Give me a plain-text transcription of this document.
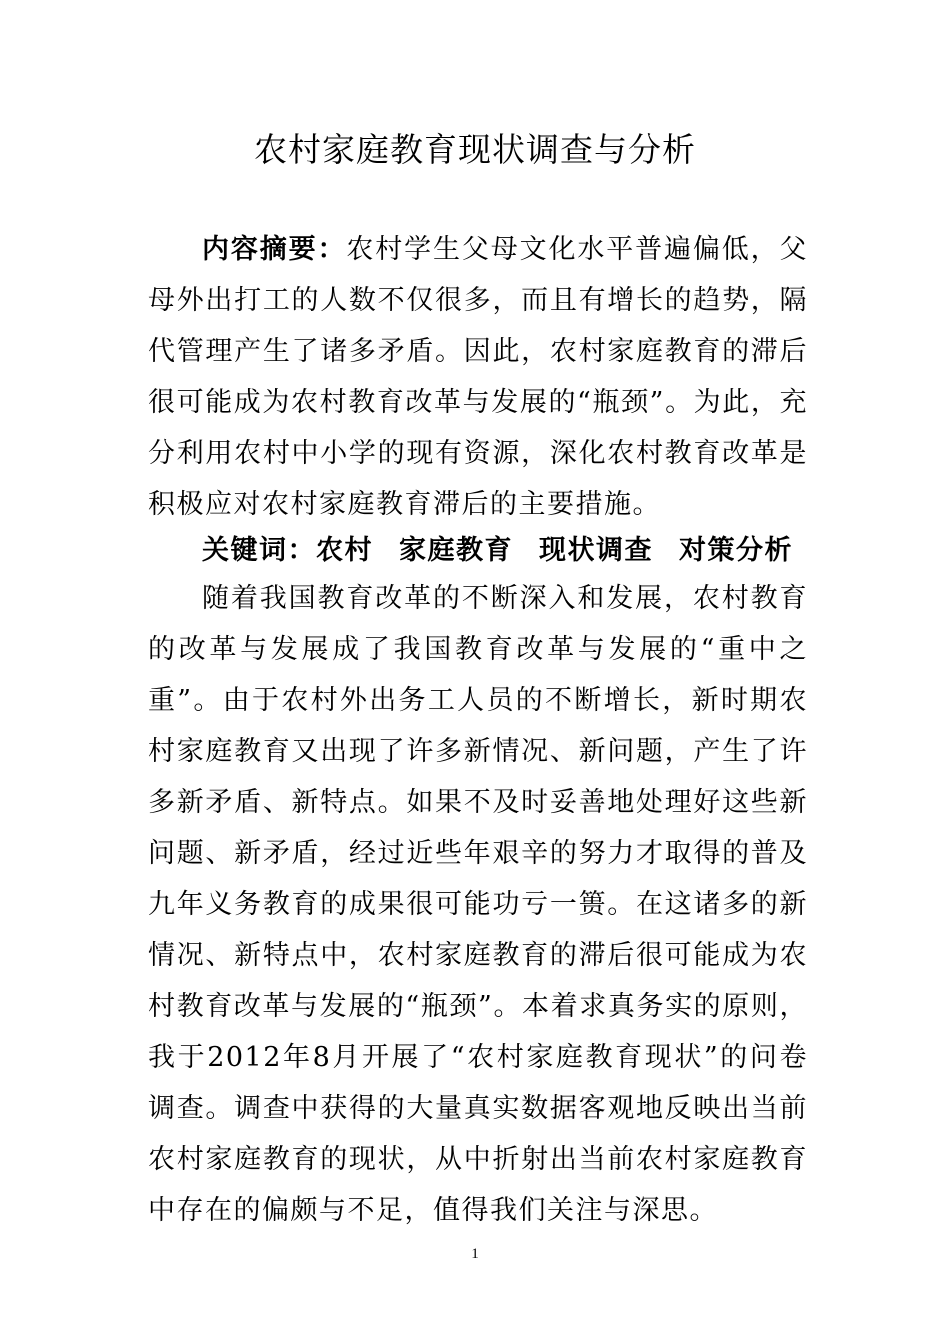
农村家庭教育现状调查与分析

内容摘要：农村学生父母文化水平普遍偏低，父母外出打工的人数不仅很多，而且有增长的趋势，隔代管理产生了诸多矛盾。因此，农村家庭教育的滞后很可能成为农村教育改革与发展的“瓶颈”。为此，充分利用农村中小学的现有资源，深化农村教育改革是积极应对农村家庭教育滞后的主要措施。

关键词：农村 家庭教育 现状调查 对策分析

随着我国教育改革的不断深入和发展，农村教育的改革与发展成了我国教育改革与发展的“重中之重”。由于农村外出务工人员的不断增长，新时期农村家庭教育又出现了许多新情况、新问题，产生了许多新矛盾、新特点。如果不及时妥善地处理好这些新问题、新矛盾，经过近些年艰辛的努力才取得的普及九年义务教育的成果很可能功亏一篑。在这诸多的新情况、新特点中，农村家庭教育的滞后很可能成为农村教育改革与发展的“瓶颈”。本着求真务实的原则，我于2012年8月开展了“农村家庭教育现状”的问卷调查。调查中获得的大量真实数据客观地反映出当前农村家庭教育的现状，从中折射出当前农村家庭教育中存在的偏颇与不足，值得我们关注与深思。

1
